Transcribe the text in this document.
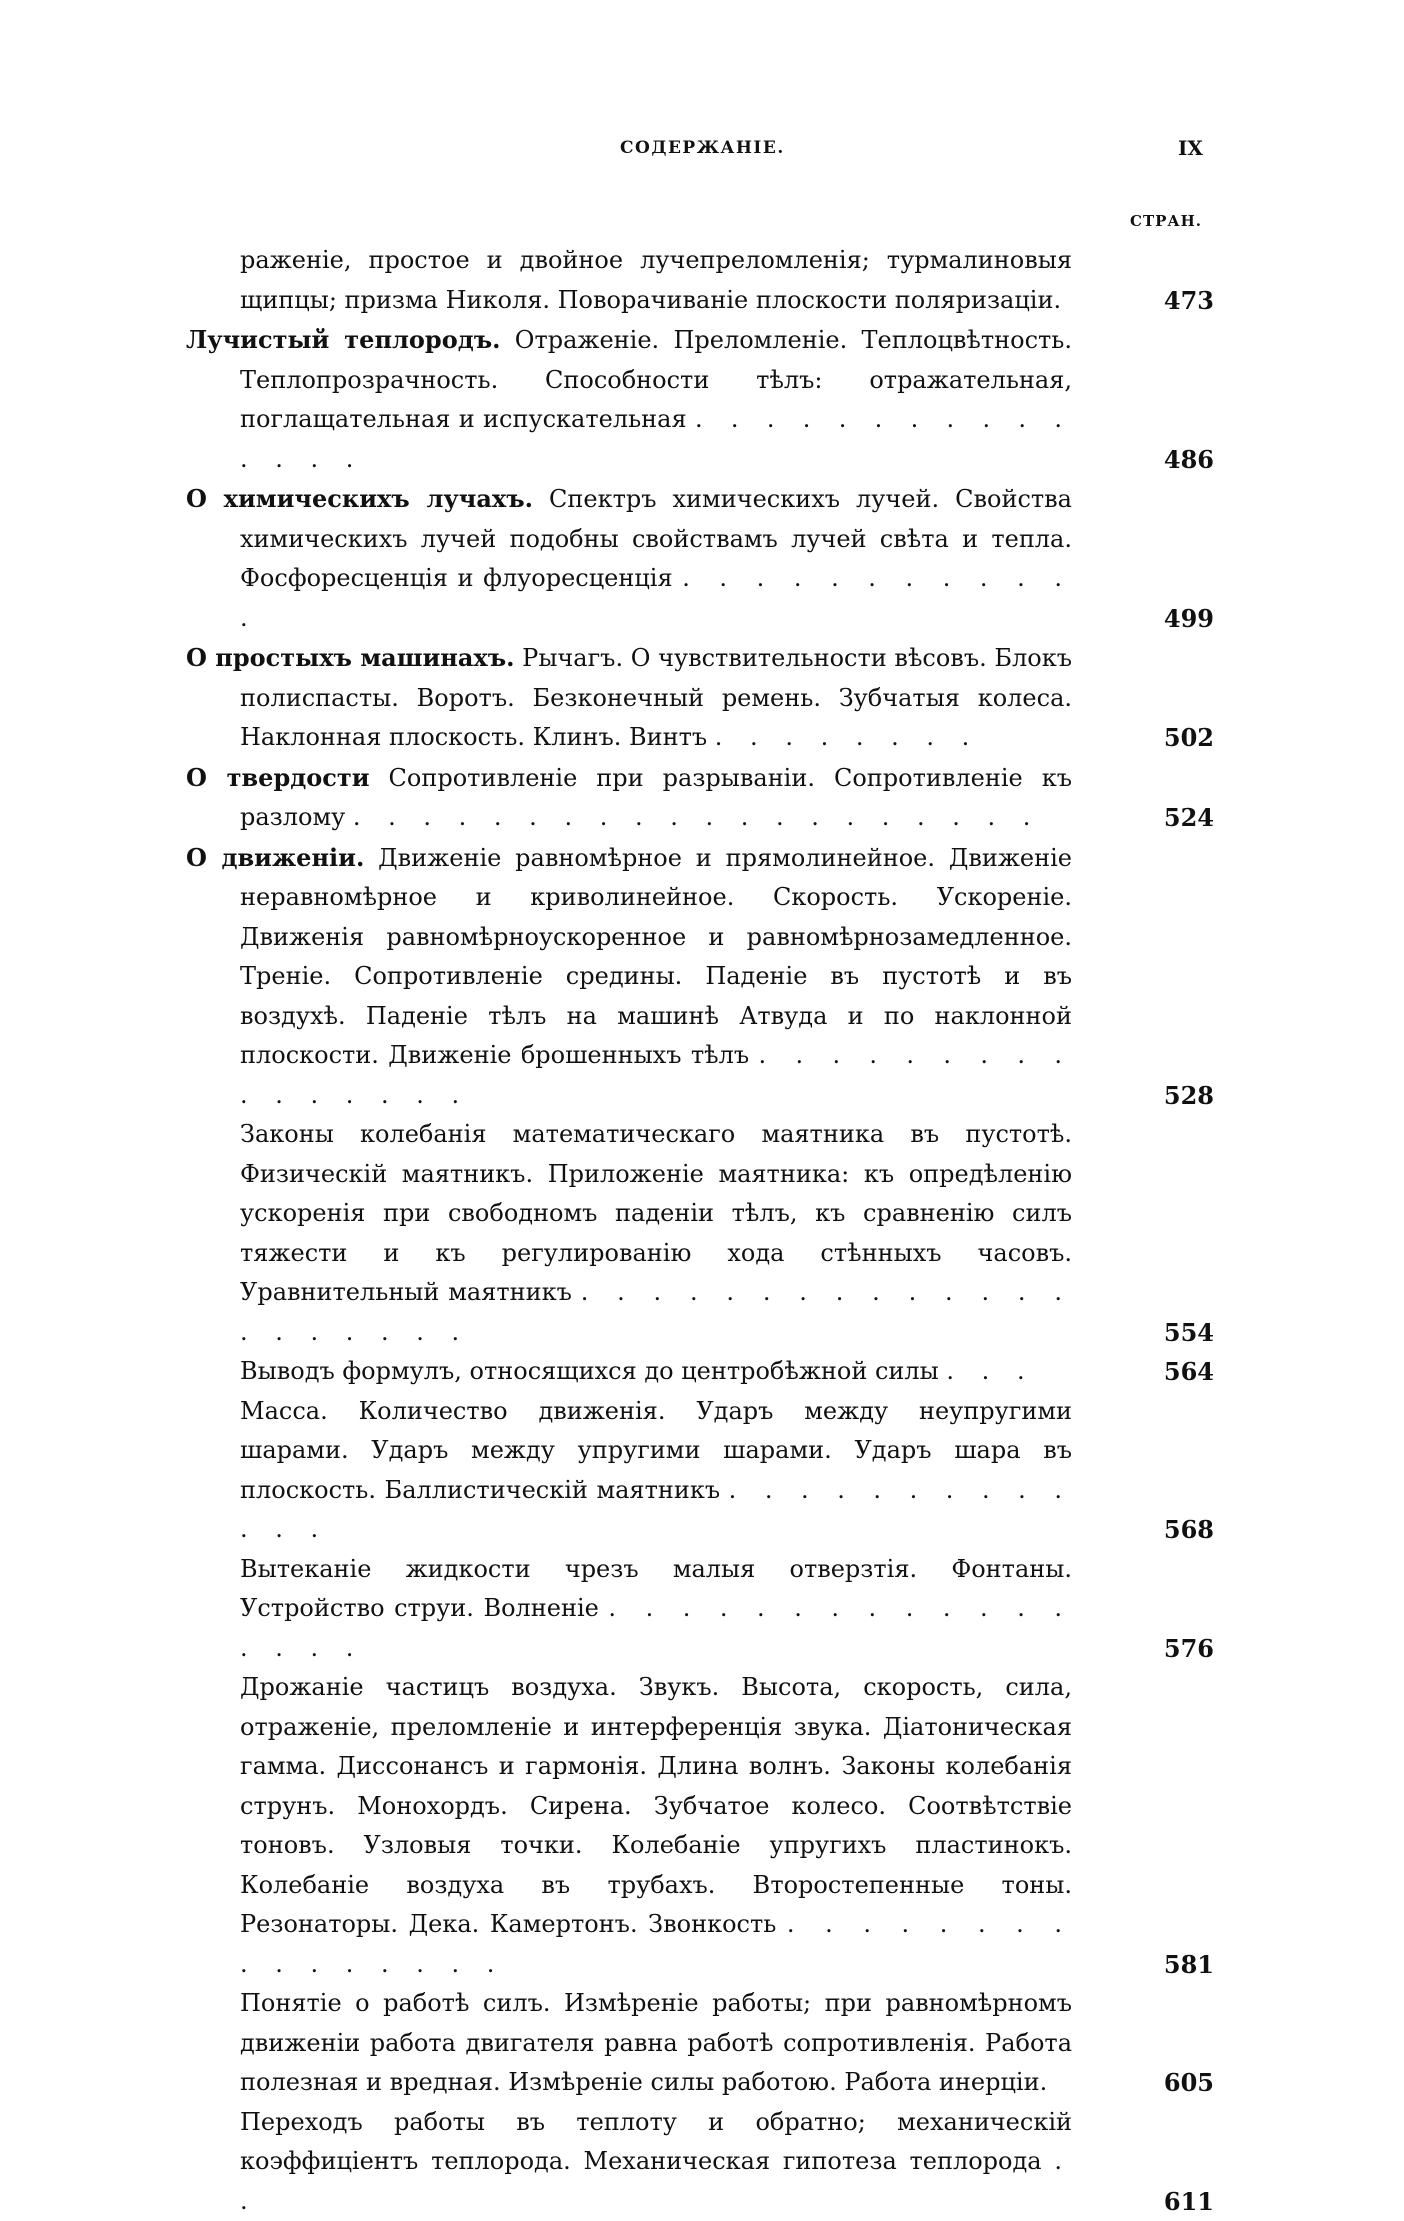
СОДЕРЖАНІЕ.	IX
СТРАН.
раженіе, простое и двойное лучепреломленія; турмалиновыя щипцы; призма Николя. Поворачиваніе плоскости поляризаціи.	473
Лучистый теплородъ. Отраженіе. Преломленіе. Теплоцвѣтность. Теплопрозрачность. Способности тѣлъ: отражательная, поглащательная и испускательная . . . . . . . . . . . . . . .	486
О химическихъ лучахъ. Спектръ химическихъ лучей. Свойства химическихъ лучей подобны свойствамъ лучей свѣта и тепла. Фосфоресценція и флуоресценція . . . . . . . . . . . .	499
О простыхъ машинахъ. Рычагъ. О чувствительности вѣсовъ. Блокъ полиспасты. Воротъ. Безконечный ремень. Зубчатыя колеса. Наклонная плоскость. Клинъ. Винтъ . . . . . . . .	502
О твердости Сопротивленіе при разрываніи. Сопротивленіе къ разлому . . . . . . . . . . . . . . . . . . . .	524
О движеніи. Движеніе равномѣрное и прямолинейное. Движеніе неравномѣрное и криволинейное. Скорость. Ускореніе. Движенія равномѣрноускоренное и равномѣрнозамедленное. Треніе. Сопротивленіе средины. Паденіе въ пустотѣ и въ воздухѣ. Паденіе тѣлъ на машинѣ Атвуда и по наклонной плоскости. Движеніе брошенныхъ тѣлъ . . . . . . . . . . . . . . . .	528
Законы колебанія математическаго маятника въ пустотѣ. Физическій маятникъ. Приложеніе маятника: къ опредѣленію ускоренія при свободномъ паденіи тѣлъ, къ сравненію силъ тяжести и къ регулированію хода стѣнныхъ часовъ. Уравнительный маятникъ . . . . . . . . . . . . . . . . . . . . .	554
Выводъ формулъ, относящихся до центробѣжной силы . . .	564
Масса. Количество движенія. Ударъ между неупругими шарами. Ударъ между упругими шарами. Ударъ шара въ плоскость. Баллистическій маятникъ . . . . . . . . . . . . .	568
Вытеканіе жидкости чрезъ малыя отверзтія. Фонтаны. Устройство струи. Волненіе . . . . . . . . . . . . . . . . .	576
Дрожаніе частицъ воздуха. Звукъ. Высота, скорость, сила, отраженіе, преломленіе и интерференція звука. Діатоническая гамма. Диссонансъ и гармонія. Длина волнъ. Законы колебанія струнъ. Монохордъ. Сирена. Зубчатое колесо. Соотвѣтствіе тоновъ. Узловыя точки. Колебаніе упругихъ пластинокъ. Колебаніе воздуха въ трубахъ. Второстепенные тоны. Резонаторы. Дека. Камертонъ. Звонкость . . . . . . . . . . . . . . . .	581
Понятіе о работѣ силъ. Измѣреніе работы; при равномѣрномъ движеніи работа двигателя равна работѣ сопротивленія. Работа полезная и вредная. Измѣреніе силы работою. Работа инерціи.	605
Переходъ работы въ теплоту и обратно; механическій коэффиціентъ теплорода. Механическая гипотеза теплорода . .	611
